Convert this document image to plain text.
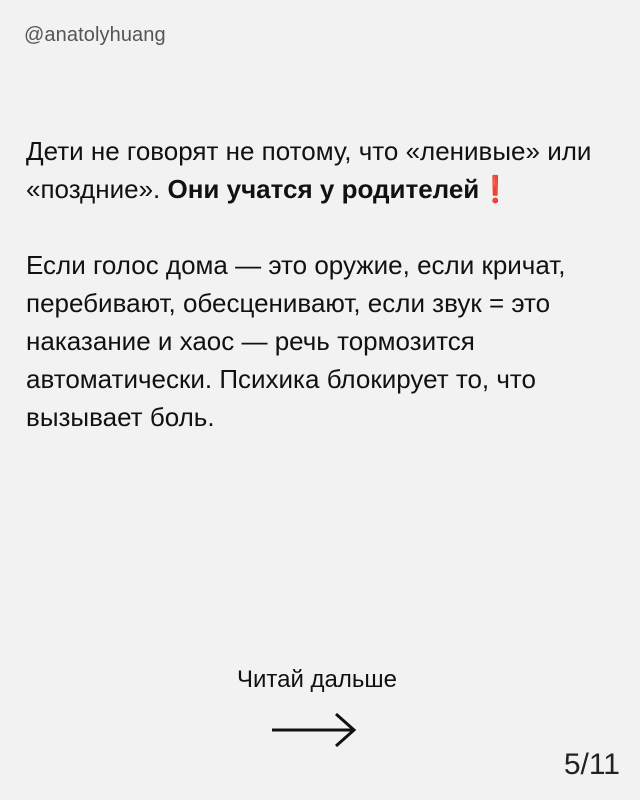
@anatolyhuang

Дети не говорят не потому, что «ленивые» или «поздние». Они учатся у родителей❗

Если голос дома — это оружие, если кричат, перебивают, обесценивают, если звук = это наказание и хаос — речь тормозится автоматически. Психика блокирует то, что вызывает боль.

Читай дальше
5/11
